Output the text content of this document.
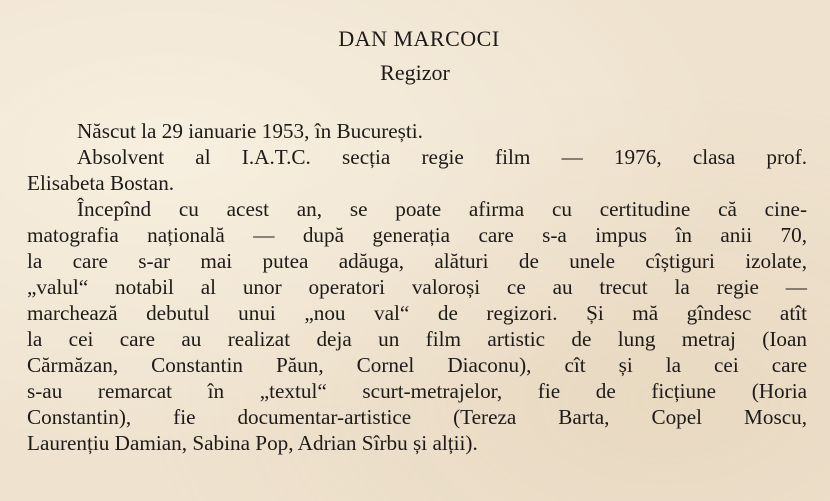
DAN MARCOCI
Regizor

Născut la 29 ianuarie 1953, în București.

Absolvent al I.A.T.C. secția regie film — 1976, clasa prof.

Elisabeta Bostan.

Începînd cu acest an, se poate afirma cu certitudine că cine-

matografia națională — după generația care s-a impus în anii 70,

la care s-ar mai putea adăuga, alături de unele cîștiguri izolate,

„valul“ notabil al unor operatori valoroși ce au trecut la regie —

marchează debutul unui „nou val“ de regizori. Și mă gîndesc atît

la cei care au realizat deja un film artistic de lung metraj (Ioan

Cărmăzan, Constantin Păun, Cornel Diaconu), cît și la cei care

s-au remarcat în „textul“ scurt-metrajelor, fie de ficțiune (Horia

Constantin), fie documentar-artistice (Tereza Barta, Copel Moscu,

Laurențiu Damian, Sabina Pop, Adrian Sîrbu și alții).
